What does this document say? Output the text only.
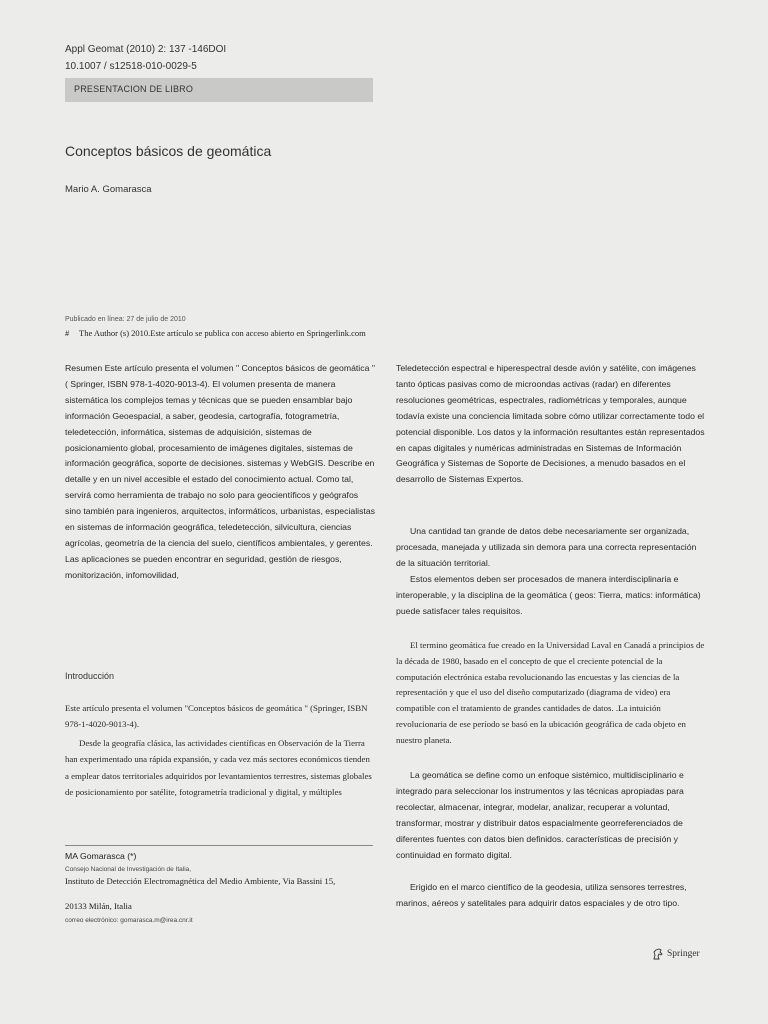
Appl Geomat (2010) 2: 137 -146DOI
10.1007 / s12518-010-0029-5
PRESENTACION DE LIBRO
Conceptos básicos de geomática
Mario A. Gomarasca
Publicado en línea: 27 de julio de 2010
# The Author (s) 2010.Este artículo se publica con acceso abierto en Springerlink.com
Resumen Este artículo presenta el volumen " Conceptos básicos de geomática "( Springer, ISBN 978-1-4020-9013-4). El volumen presenta de manera sistemática los complejos temas y técnicas que se pueden ensamblar bajo información Geoespacial, a saber, geodesia, cartografía, fotogrametría, teledetección, informática, sistemas de adquisición, sistemas de posicionamiento global, procesamiento de imágenes digitales, sistemas de información geográfica, soporte de decisiones. sistemas y WebGIS. Describe en detalle y en un nivel accesible el estado del conocimiento actual. Como tal, servirá como herramienta de trabajo no solo para geocientíficos y geógrafos sino también para ingenieros, arquitectos, informáticos, urbanistas, especialistas en sistemas de información geográfica, teledetección, silvicultura, ciencias agrícolas, geometría de la ciencia del suelo, científicos ambientales, y gerentes. Las aplicaciones se pueden encontrar en seguridad, gestión de riesgos, monitorización, infomovilidad,
Introducción
Este artículo presenta el volumen "Conceptos básicos de geomática " (Springer, ISBN 978-1-4020-9013-4).
Desde la geografía clásica, las actividades científicas en Observación de la Tierra han experimentado una rápida expansión, y cada vez más sectores económicos tienden a emplear datos territoriales adquiridos por levantamientos terrestres, sistemas globales de posicionamiento por satélite, fotogrametría tradicional y digital, y múltiples
MA Gomarasca (*)
Consejo Nacional de Investigación de Italia,
Instituto de Detección Electromagnética del Medio Ambiente, Via Bassini 15,
20133 Milán, Italia
correo electrónico: gomarasca.m@irea.cnr.it
Teledetección espectral e hiperespectral desde avión y satélite, con imágenes tanto ópticas pasivas como de microondas activas (radar) en diferentes resoluciones geométricas, espectrales, radiométricas y temporales, aunque todavía existe una conciencia limitada sobre cómo utilizar correctamente todo el potencial disponible. Los datos y la información resultantes están representados en capas digitales y numéricas administradas en Sistemas de Información Geográfica y Sistemas de Soporte de Decisiones, a menudo basados en el desarrollo de Sistemas Expertos.
Una cantidad tan grande de datos debe necesariamente ser organizada, procesada, manejada y utilizada sin demora para una correcta representación de la situación territorial.
Estos elementos deben ser procesados de manera interdisciplinaria e interoperable, y la disciplina de la geomática ( geos: Tierra, matics: informática) puede satisfacer tales requisitos.
El termino geomática fue creado en la Universidad Laval en Canadá a principios de la década de 1980, basado en el concepto de que el creciente potencial de la computación electrónica estaba revolucionando las encuestas y las ciencias de la representación y que el uso del diseño computarizado (diagrama de video) era compatible con el tratamiento de grandes cantidades de datos. .La intuición revolucionaria de ese período se basó en la ubicación geográfica de cada objeto en nuestro planeta.
La geomática se define como un enfoque sistémico, multidisciplinario e integrado para seleccionar los instrumentos y las técnicas apropiadas para recolectar, almacenar, integrar, modelar, analizar, recuperar a voluntad, transformar, mostrar y distribuir datos espacialmente georreferenciados de diferentes fuentes con datos bien definidos. características de precisión y continuidad en formato digital.
Erigido en el marco científico de la geodesia, utiliza sensores terrestres, marinos, aéreos y satelitales para adquirir datos espaciales y de otro tipo.
Springer
